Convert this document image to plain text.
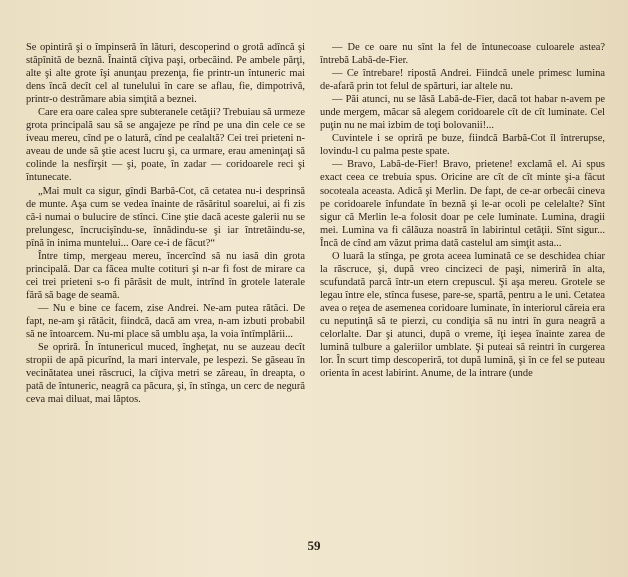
Se opintiră şi o împinseră în lături, descoperind o grotă adîncă şi stăpînită de beznă. Înaintă cîţiva paşi, orbecăind. Pe ambele părţi, alte şi alte grote îşi anunţau prezenţa, fie printr-un întuneric mai dens încă decît cel al tunelului în care se aflau, fie, dimpotrivă, printr-o destrămare abia simţită a beznei.

Care era oare calea spre subteranele cetăţii? Trebuiau să urmeze grota principală sau să se angajeze pe rînd pe una din cele ce se iveau mereu, cînd pe o latură, cînd pe cealaltă? Cei trei prieteni n-aveau de unde să ştie acest lucru şi, ca urmare, erau ameninţaţi să colinde la nesfîrşit — şi, poate, în zadar — coridoarele reci şi întunecate.

„Mai mult ca sigur, gîndi Barbă-Cot, că cetatea nu-i desprinsă de munte. Aşa cum se vedea înainte de răsăritul soarelui, ai fi zis că-i numai o bulucire de stînci. Cine ştie dacă aceste galerii nu se prelungesc, încrucişîndu-se, înnădindu-se şi iar întretăindu-se, pînă în inima muntelui... Oare ce-i de făcut?“

Între timp, mergeau mereu, încercînd să nu iasă din grota principală. Dar ca făcea multe cotituri şi n-ar fi fost de mirare ca cei trei prieteni s-o fi părăsit de mult, intrînd în grotele laterale fără să bage de seamă.

— Nu e bine ce facem, zise Andrei. Ne-am putea rătăci. De fapt, ne-am şi rătăcit, fiindcă, dacă am vrea, n-am izbuti probabil să ne întoarcem. Nu-mi place să umblu aşa, la voia întîmplării...

Se opriră. În întunericul muced, îngheţat, nu se auzeau decît stropii de apă picurînd, la mari intervale, pe lespezi. Se găseau în vecinătatea unei răscruci, la cîţiva metri se zăreau, în dreapta, o pată de întuneric, neagră ca păcura, şi, în stînga, un cerc de negură ceva mai diluat, mai lăptos.

— De ce oare nu sînt la fel de întunecoase culoarele astea? întrebă Labă-de-Fier.

— Ce întrebare! ripostă Andrei. Fiindcă unele primesc lumina de-afară prin tot felul de spărturi, iar altele nu.

— Păi atunci, nu se lăsă Labă-de-Fier, dacă tot habar n-avem pe unde mergem, măcar să alegem coridoarele cît de cît luminate. Cel puţin nu ne mai izbim de toţi bolovanii!...

Cuvintele i se opriră pe buze, fiindcă Barbă-Cot îl întrerupse, lovindu-l cu palma peste spate.

— Bravo, Labă-de-Fier! Bravo, prietene! exclamă el. Ai spus exact ceea ce trebuia spus. Oricine are cît de cît minte şi-a făcut socoteala aceasta. Adică şi Merlin. De fapt, de ce-ar orbecăi cineva pe coridoarele înfundate în beznă şi le-ar ocoli pe celelalte? Sînt sigur că Merlin le-a folosit doar pe cele luminate. Lumina, dragii mei. Lumina va fi călăuza noastră în labirintul cetăţii. Sînt sigur... Încă de cînd am văzut prima dată castelul am simţit asta...

O luară la stînga, pe grota aceea luminată ce se deschidea chiar la răscruce, şi, după vreo cincizeci de paşi, nimeriră în alta, scufundată parcă într-un etern crepuscul. Şi aşa mereu. Grotele se legau între ele, stînca fusese, pare-se, spartă, pentru a le uni. Cetatea avea o reţea de asemenea coridoare luminate, în interiorul căreia era cu neputinţă să te pierzi, cu condiţia să nu intri în gura neagră a celorlalte. Dar şi atunci, după o vreme, îţi ieşea înainte zarea de lumină tulbure a galeriilor umblate. Şi puteai să reintri în curgerea lor. În scurt timp descoperiră, tot după lumină, şi în ce fel se puteau orienta în acest labirint. Anume, de la intrare (unde

59
